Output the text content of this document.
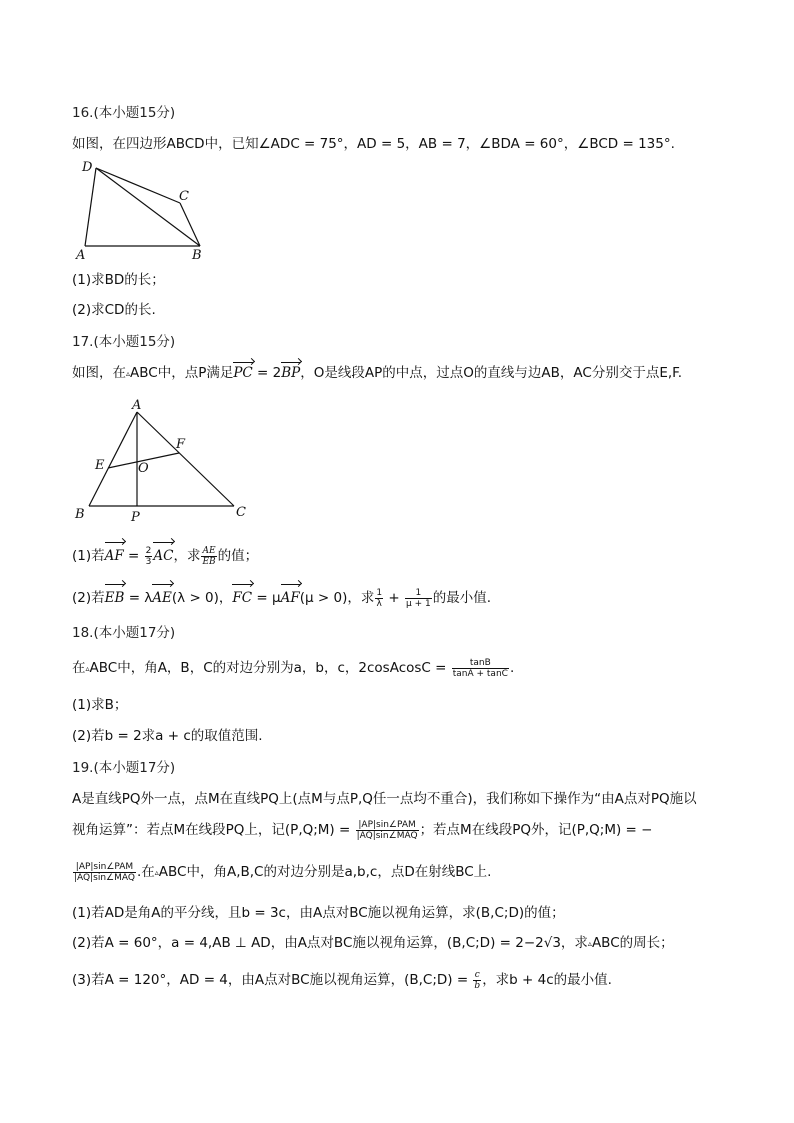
16.(本小题15分)
如图，在四边形ABCD中，已知∠ADC = 75°，AD = 5，AB = 7，∠BDA = 60°，∠BCD = 135°.
D
C
A	B
(1)求BD的长；
(2)求CD的长.
17.(本小题15分)
如图，在▵ABC中，点P满足PC = 2BP，O是线段AP的中点，过点O的直线与边AB，AC分别交于点E,F.
A
F
E	O
B	P	C
(1)若AF = $\frac{2}{3}$ AC，求 $\frac{AE}{EB}$ 的值；
(2)若EB = λAE(λ > 0)，FC = μAF(μ > 0)，求 $\frac{1}{\lambda} + \frac{1}{\mu + 1}$ 的最小值.
18.(本小题17分)
在▵ABC中，角A，B，C的对边分别为a，b，c，2cosAcosC = $\frac{\tan B}{\tan A + \tan C}$ .
(1)求B；
(2)若b = 2求a + c的取值范围.
19.(本小题17分)
A是直线PQ外一点，点M在直线PQ上(点M与点P,Q任一点均不重合)，我们称如下操作为“由A点对PQ施以
视角运算”：若点M在线段PQ上，记(P,Q;M) = $\frac{\text{|AP|sin∠PAM}}{\text{|AQ|sin∠MAQ}}$ ；若点M在线段PQ外，记(P,Q;M) = −
$\frac{\text{|AP|sin∠PAM}}{\text{|AQ|sin∠MAQ}}$ .在▵ABC中，角A,B,C的对边分别是a,b,c，点D在射线BC上.
(1)若AD是角A的平分线，且b = 3c，由A点对BC施以视角运算，求(B,C;D)的值；
(2)若A = 60°，a = 4,AB ⊥ AD，由A点对BC施以视角运算，(B,C;D) = 2−2√3，求▵ABC的周长；
(3)若A = 120°，AD = 4，由A点对BC施以视角运算，(B,C;D) = $\frac{c}{b}$ ，求b + 4c的最小值.
